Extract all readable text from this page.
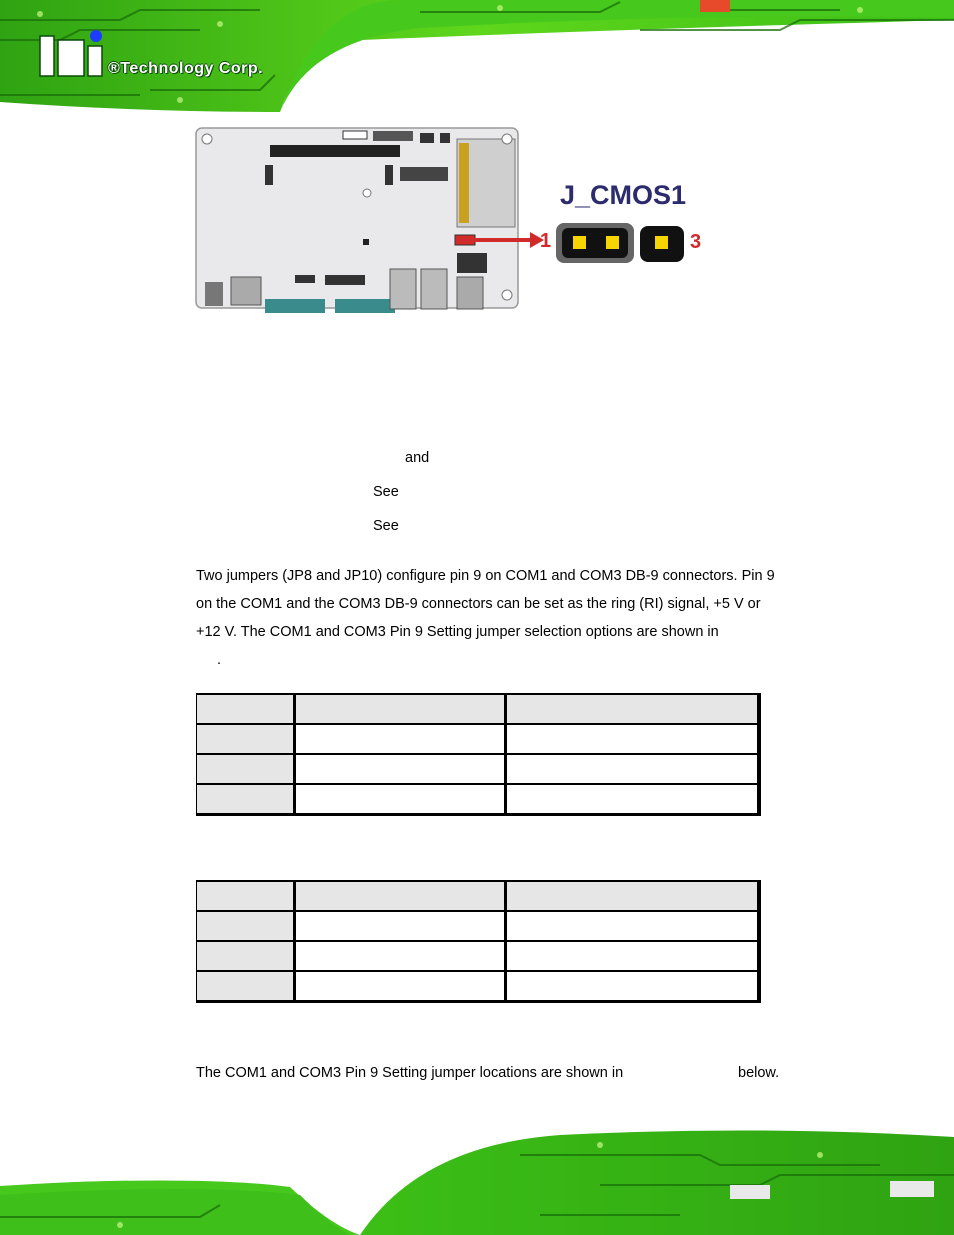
®Technology Corp.
J_CMOS1
1	3
and
See
See
Two jumpers (JP8 and JP10) configure pin 9 on COM1 and COM3 DB-9 connectors. Pin 9
on the COM1 and the COM3 DB-9 connectors can be set as the ring (RI) signal, +5 V or
+12 V. The COM1 and COM3 Pin 9 Setting jumper selection options are shown in
.

The COM1 and COM3 Pin 9 Setting jumper locations are shown in	below.
